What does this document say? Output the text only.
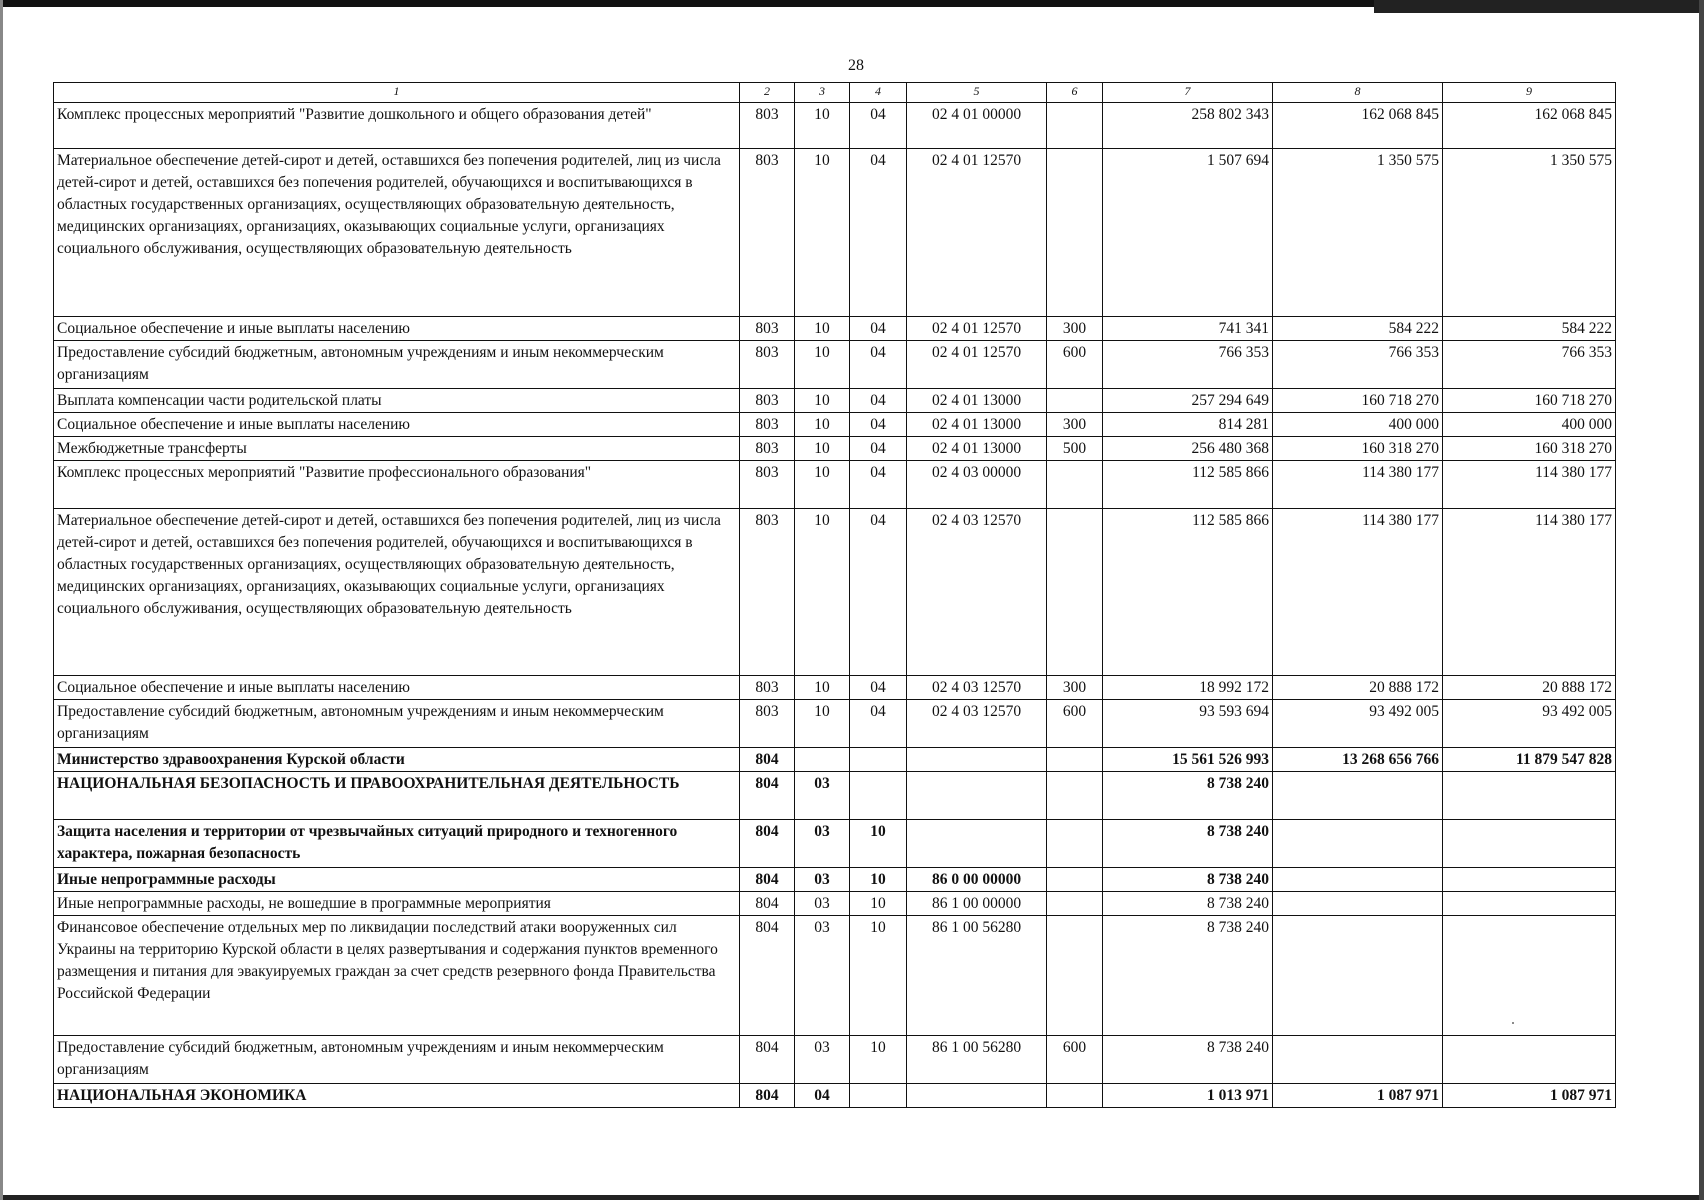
28
1	2	3	4	5	6	7	8	9
Комплекс процессных мероприятий "Развитие дошкольного и общего образования детей"	803	10	04	02 4 01 00000		258 802 343	162 068 845	162 068 845
Материальное обеспечение детей-сирот и детей, оставшихся без попечения родителей, лиц из числа детей-сирот и детей, оставшихся без попечения родителей, обучающихся и воспитывающихся в областных государственных организациях, осуществляющих образовательную деятельность, медицинских организациях, организациях, оказывающих социальные услуги, организациях социального обслуживания, осуществляющих образовательную деятельность	803	10	04	02 4 01 12570		1 507 694	1 350 575	1 350 575
Социальное обеспечение и иные выплаты населению	803	10	04	02 4 01 12570	300	741 341	584 222	584 222
Предоставление субсидий бюджетным, автономным учреждениям и иным некоммерческим организациям	803	10	04	02 4 01 12570	600	766 353	766 353	766 353
Выплата компенсации части родительской платы	803	10	04	02 4 01 13000		257 294 649	160 718 270	160 718 270
Социальное обеспечение и иные выплаты населению	803	10	04	02 4 01 13000	300	814 281	400 000	400 000
Межбюджетные трансферты	803	10	04	02 4 01 13000	500	256 480 368	160 318 270	160 318 270
Комплекс процессных мероприятий "Развитие профессионального образования"	803	10	04	02 4 03 00000		112 585 866	114 380 177	114 380 177
Материальное обеспечение детей-сирот и детей, оставшихся без попечения родителей, лиц из числа детей-сирот и детей, оставшихся без попечения родителей, обучающихся и воспитывающихся в областных государственных организациях, осуществляющих образовательную деятельность, медицинских организациях, организациях, оказывающих социальные услуги, организациях социального обслуживания, осуществляющих образовательную деятельность	803	10	04	02 4 03 12570		112 585 866	114 380 177	114 380 177
Социальное обеспечение и иные выплаты населению	803	10	04	02 4 03 12570	300	18 992 172	20 888 172	20 888 172
Предоставление субсидий бюджетным, автономным учреждениям и иным некоммерческим организациям	803	10	04	02 4 03 12570	600	93 593 694	93 492 005	93 492 005
Министерство здравоохранения Курской области	804					15 561 526 993	13 268 656 766	11 879 547 828
НАЦИОНАЛЬНАЯ БЕЗОПАСНОСТЬ И ПРАВООХРАНИТЕЛЬНАЯ ДЕЯТЕЛЬНОСТЬ	804	03				8 738 240		
Защита населения и территории от чрезвычайных ситуаций природного и техногенного характера, пожарная безопасность	804	03	10			8 738 240		
Иные непрограммные расходы	804	03	10	86 0 00 00000		8 738 240		
Иные непрограммные расходы, не вошедшие в программные мероприятия	804	03	10	86 1 00 00000		8 738 240		
Финансовое обеспечение отдельных мер по ликвидации последствий атаки вооруженных сил Украины на территорию Курской области в целях развертывания и содержания пунктов временного размещения и питания для эвакуируемых граждан за счет средств резервного фонда Правительства Российской Федерации	804	03	10	86 1 00 56280		8 738 240		
Предоставление субсидий бюджетным, автономным учреждениям и иным некоммерческим организациям	804	03	10	86 1 00 56280	600	8 738 240		
НАЦИОНАЛЬНАЯ ЭКОНОМИКА	804	04				1 013 971	1 087 971	1 087 971
